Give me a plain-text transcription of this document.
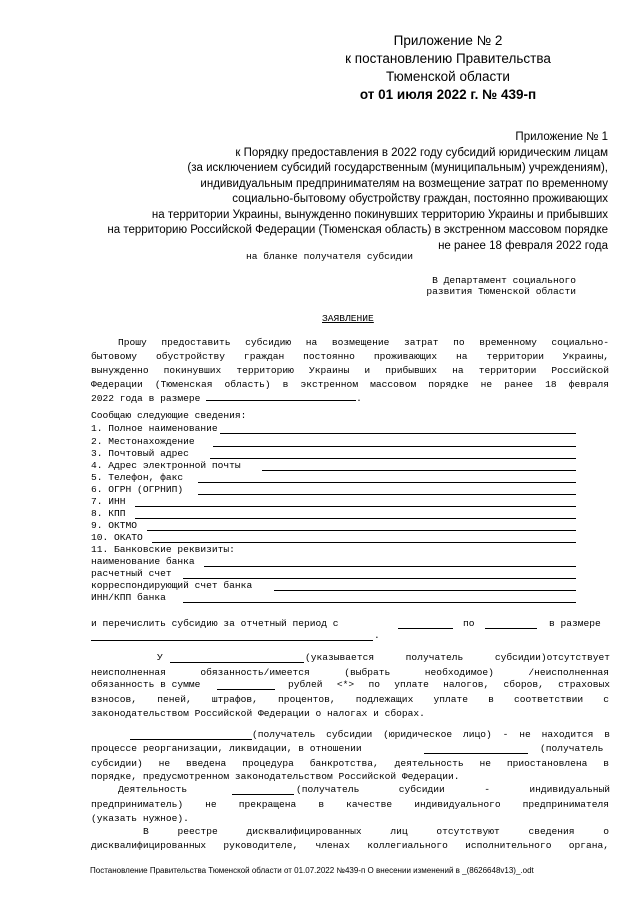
Приложение № 2
к постановлению Правительства
Тюменской области
от 01 июля 2022 г. № 439-п
Приложение № 1
к Порядку предоставления в 2022 году субсидий юридическим лицам
(за исключением субсидий государственным (муниципальным) учреждениям),
индивидуальным предпринимателям на возмещение затрат по временному
социально-бытовому обустройству граждан, постоянно проживающих
на территории Украины, вынужденно покинувших территорию Украины и прибывших
на территорию Российской Федерации (Тюменская область) в экстренном массовом порядке
не ранее 18 февраля 2022 года
на бланке получателя субсидии
В Департамент социального
развития Тюменской области
ЗАЯВЛЕНИЕ
Прошу предоставить субсидию на возмещение затрат по временному социально-
бытовому обустройству граждан постоянно проживающих на территории Украины,
вынужденно покинувших территорию Украины и прибывших на территории Российской
Федерации (Тюменская область) в экстренном массовом порядке не ранее 18 февраля
2022 года в размере	.
Сообщаю следующие сведения:
1. Полное наименование
2. Местонахождение
3. Почтовый адрес
4. Адрес электронной почты
5. Телефон, факс
6. ОГРН (ОГРНИП)
7. ИНН
8. КПП
9. ОКТМО
10. ОКАТО
11. Банковские реквизиты:
наименование банка
расчетный счет
корреспондирующий счет банка
ИНН/КПП банка
и перечислить субсидию за отчетный период с	по	в размере
.
У	(указывается получатель субсидии)отсутствует
неисполненная обязанность/имеется (выбрать необходимое) /неисполненная
обязанность в сумме	рублей <*> по уплате налогов, сборов, страховых
взносов, пеней, штрафов, процентов, подлежащих уплате в соответствии с
законодательством Российской Федерации о налогах и сборах.
(получатель субсидии (юридическое лицо) - не находится в
процессе реорганизации, ликвидации, в отношении	(получатель
субсидии) не введена процедура банкротства, деятельность не приостановлена в
порядке, предусмотренном законодательством Российской Федерации.
Деятельность	(получатель субсидии - индивидуальный
предприниматель) не прекращена в качестве индивидуального предпринимателя
(указать нужное).
В реестре дисквалифицированных лиц отсутствуют сведения о
дисквалифицированных руководителе, членах коллегиального исполнительного органа,
Постановление Правительства Тюменской области от 01.07.2022 №439-п О внесении изменений в _(8626648v13)_.odt
